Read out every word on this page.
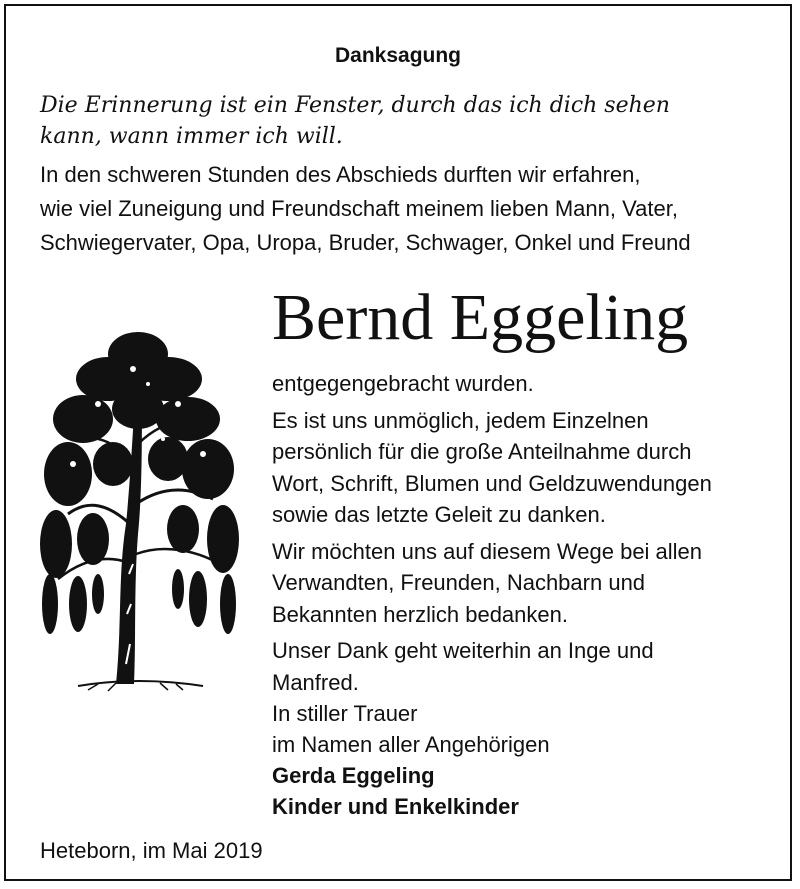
Danksagung
Die Erinnerung ist ein Fenster, durch das ich dich sehen
kann, wann immer ich will.
In den schweren Stunden des Abschieds durften wir erfahren,
wie viel Zuneigung und Freundschaft meinem lieben Mann, Vater,
Schwiegervater, Opa, Uropa, Bruder, Schwager, Onkel und Freund
Bernd Eggeling
entgegengebracht wurden.
Es ist uns unmöglich, jedem Einzelnen
persönlich für die große Anteilnahme durch
Wort, Schrift, Blumen und Geldzuwendungen
sowie das letzte Geleit zu danken.
Wir möchten uns auf diesem Wege bei allen
Verwandten, Freunden, Nachbarn und
Bekannten herzlich bedanken.
Unser Dank geht weiterhin an Inge und
Manfred.
In stiller Trauer
im Namen aller Angehörigen
Gerda Eggeling
Kinder und Enkelkinder
Heteborn, im Mai 2019
